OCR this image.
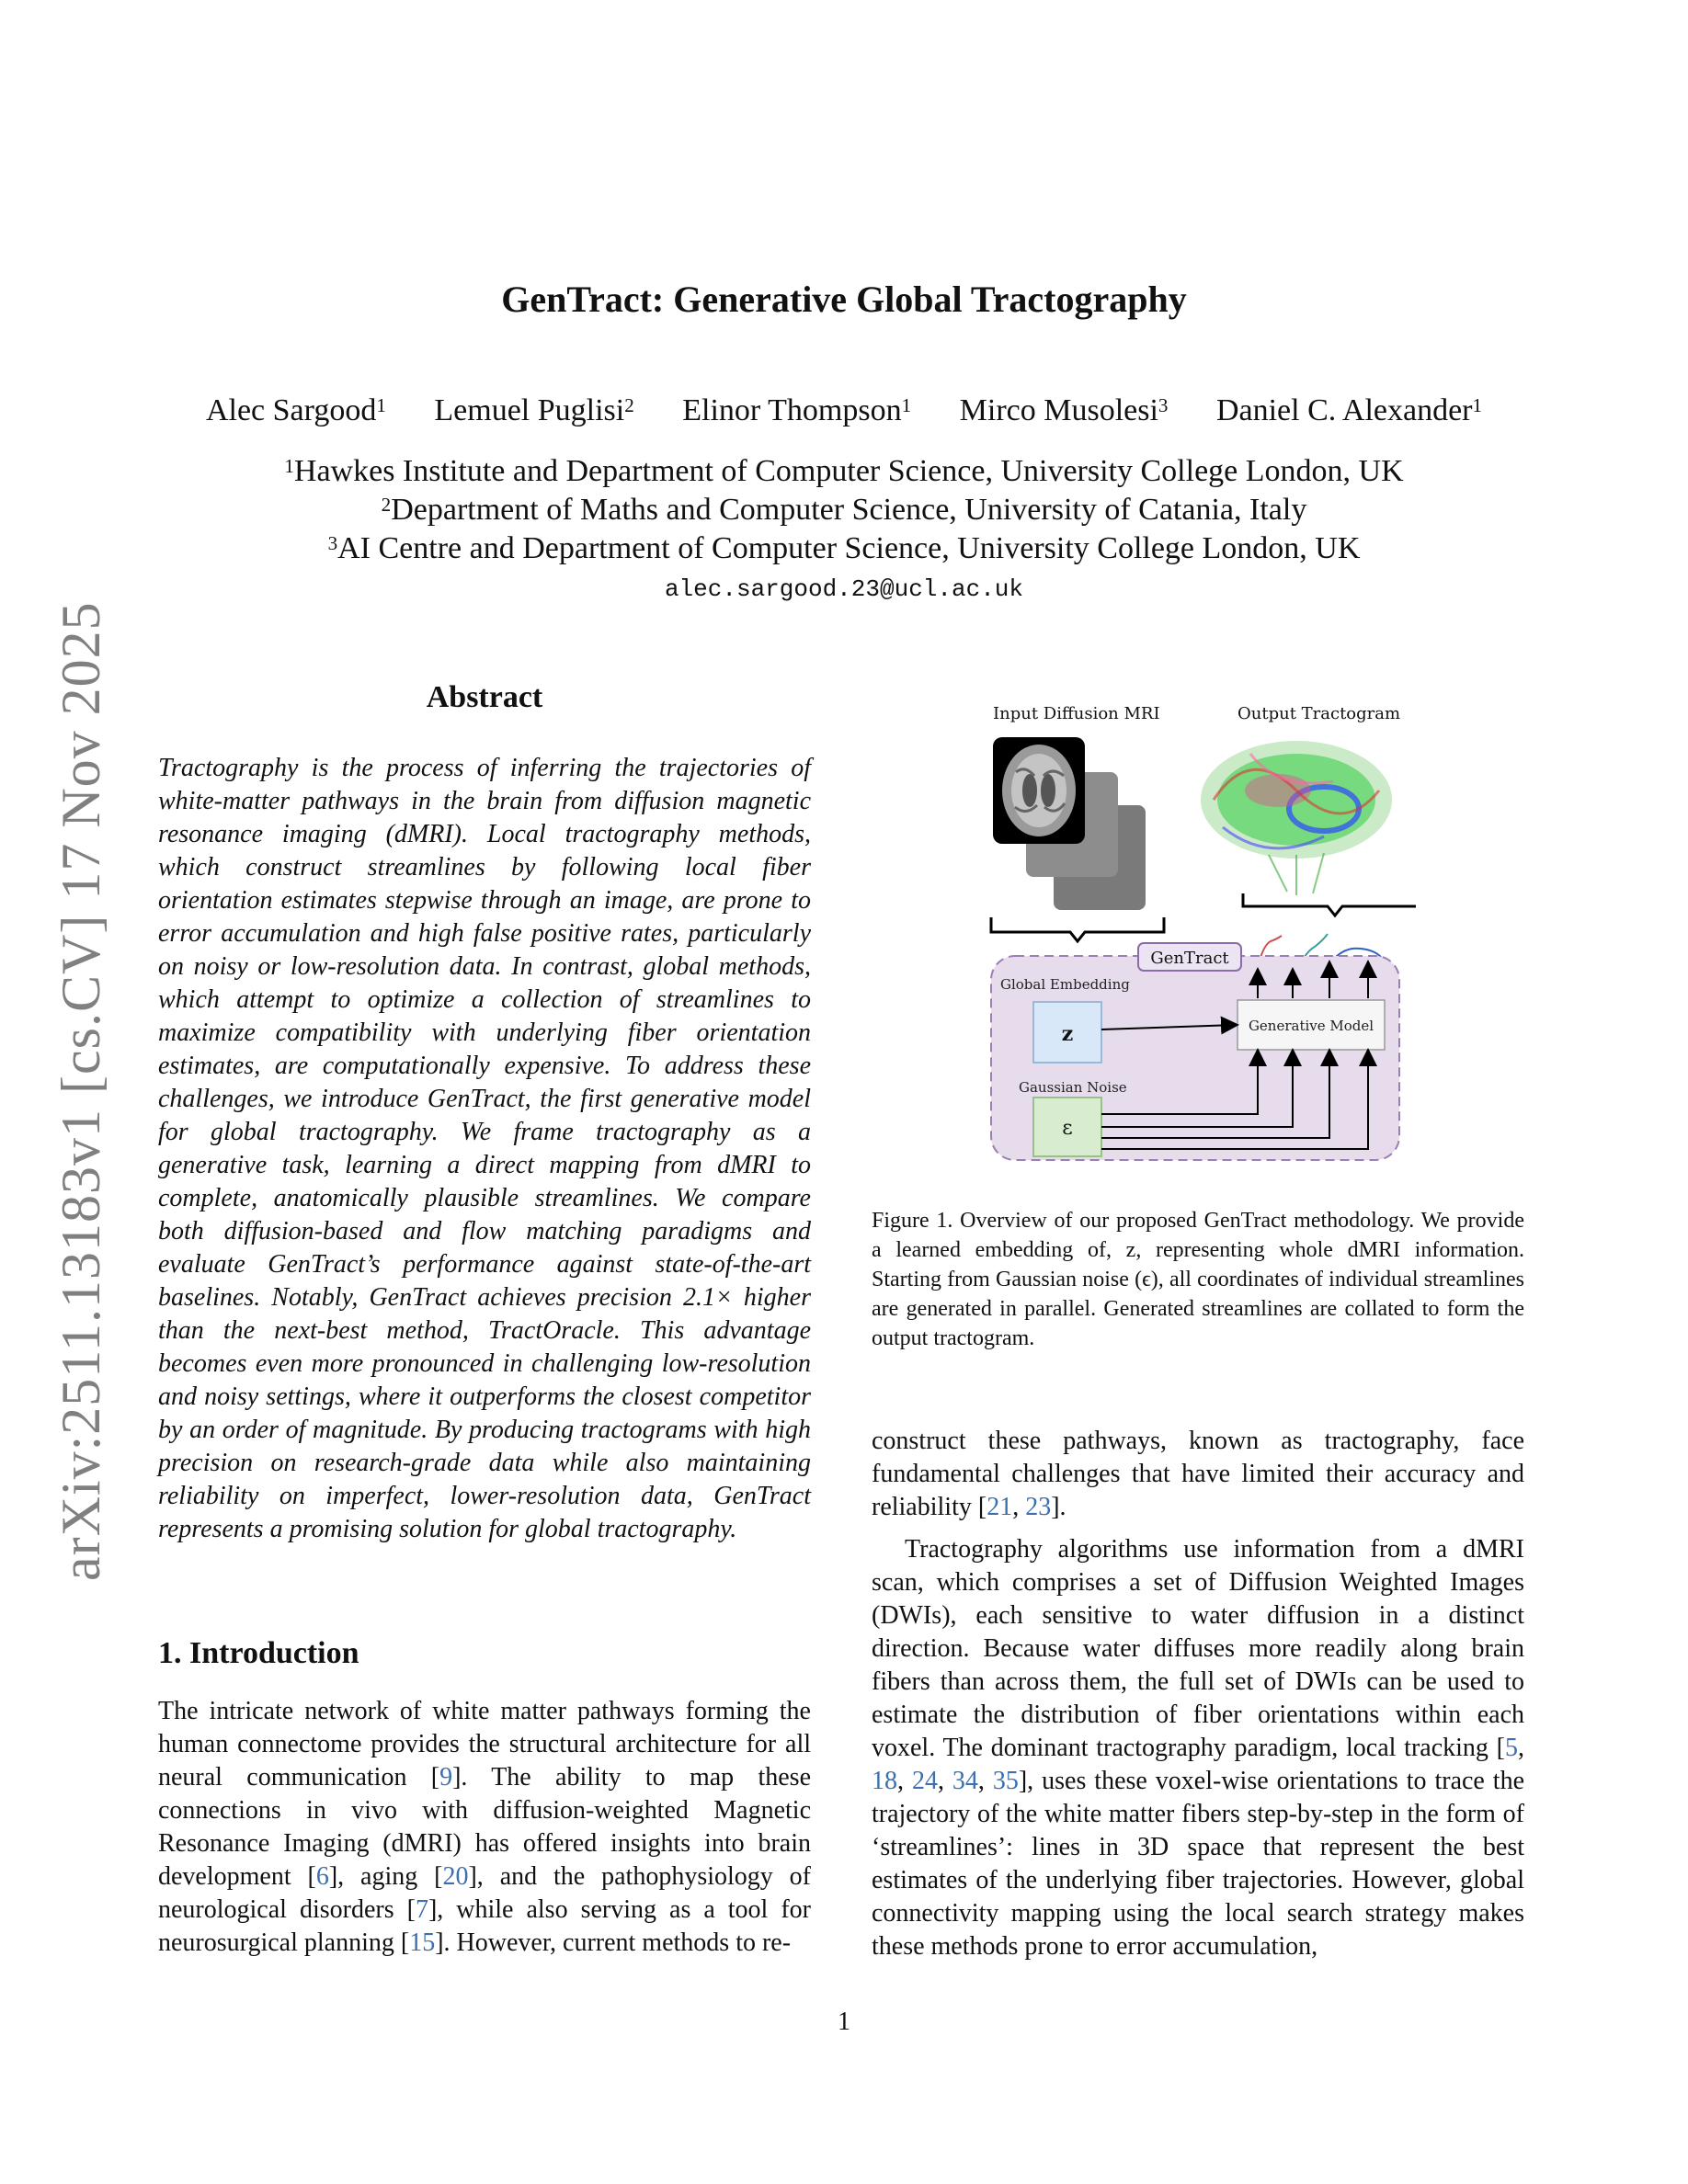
arXiv:2511.13183v1 [cs.CV] 17 Nov 2025
GenTract: Generative Global Tractography
Alec Sargood$^1$ Lemuel Puglisi$^2$ Elinor Thompson$^1$ Mirco Musolesi$^3$ Daniel C. Alexander$^1$
$^1$Hawkes Institute and Department of Computer Science, University College London, UK
$^2$Department of Maths and Computer Science, University of Catania, Italy
$^3$AI Centre and Department of Computer Science, University College London, UK
alec.sargood.23@ucl.ac.uk
Abstract
Tractography is the process of inferring the trajectories of white-matter pathways in the brain from diffusion magnetic resonance imaging (dMRI). Local tractography methods, which construct streamlines by following local fiber orientation estimates stepwise through an image, are prone to error accumulation and high false positive rates, particularly on noisy or low-resolution data. In contrast, global methods, which attempt to optimize a collection of streamlines to maximize compatibility with underlying fiber orientation estimates, are computationally expensive. To address these challenges, we introduce GenTract, the first generative model for global tractography. We frame tractography as a generative task, learning a direct mapping from dMRI to complete, anatomically plausible streamlines. We compare both diffusion-based and flow matching paradigms and evaluate GenTract’s performance against state-of-the-art baselines. Notably, GenTract achieves precision 2.1× higher than the next-best method, TractOracle. This advantage becomes even more pronounced in challenging low-resolution and noisy settings, where it outperforms the closest competitor by an order of magnitude. By producing tractograms with high precision on research-grade data while also maintaining reliability on imperfect, lower-resolution data, GenTract represents a promising solution for global tractography.
1. Introduction
The intricate network of white matter pathways forming the human connectome provides the structural architecture for all neural communication [9]. The ability to map these connections in vivo with diffusion-weighted Magnetic Resonance Imaging (dMRI) has offered insights into brain development [6], aging [20], and the pathophysiology of neurological disorders [7], while also serving as a tool for neurosurgical planning [15]. However, current methods to re-
Input Diffusion MRI	Output Tractogram
GenTract
Global Embedding
z
Gaussian Noise
ε
Generative Model
Figure 1. Overview of our proposed GenTract methodology. We provide a learned embedding of, z, representing whole dMRI information. Starting from Gaussian noise (ϵ), all coordinates of individual streamlines are generated in parallel. Generated streamlines are collated to form the output tractogram.
construct these pathways, known as tractography, face fundamental challenges that have limited their accuracy and reliability [21, 23].
Tractography algorithms use information from a dMRI scan, which comprises a set of Diffusion Weighted Images (DWIs), each sensitive to water diffusion in a distinct direction. Because water diffuses more readily along brain fibers than across them, the full set of DWIs can be used to estimate the distribution of fiber orientations within each voxel. The dominant tractography paradigm, local tracking [5, 18, 24, 34, 35], uses these voxel-wise orientations to trace the trajectory of the white matter fibers step-by-step in the form of ‘streamlines’: lines in 3D space that represent the best estimates of the underlying fiber trajectories. However, global connectivity mapping using the local search strategy makes these methods prone to error accumulation,
1
